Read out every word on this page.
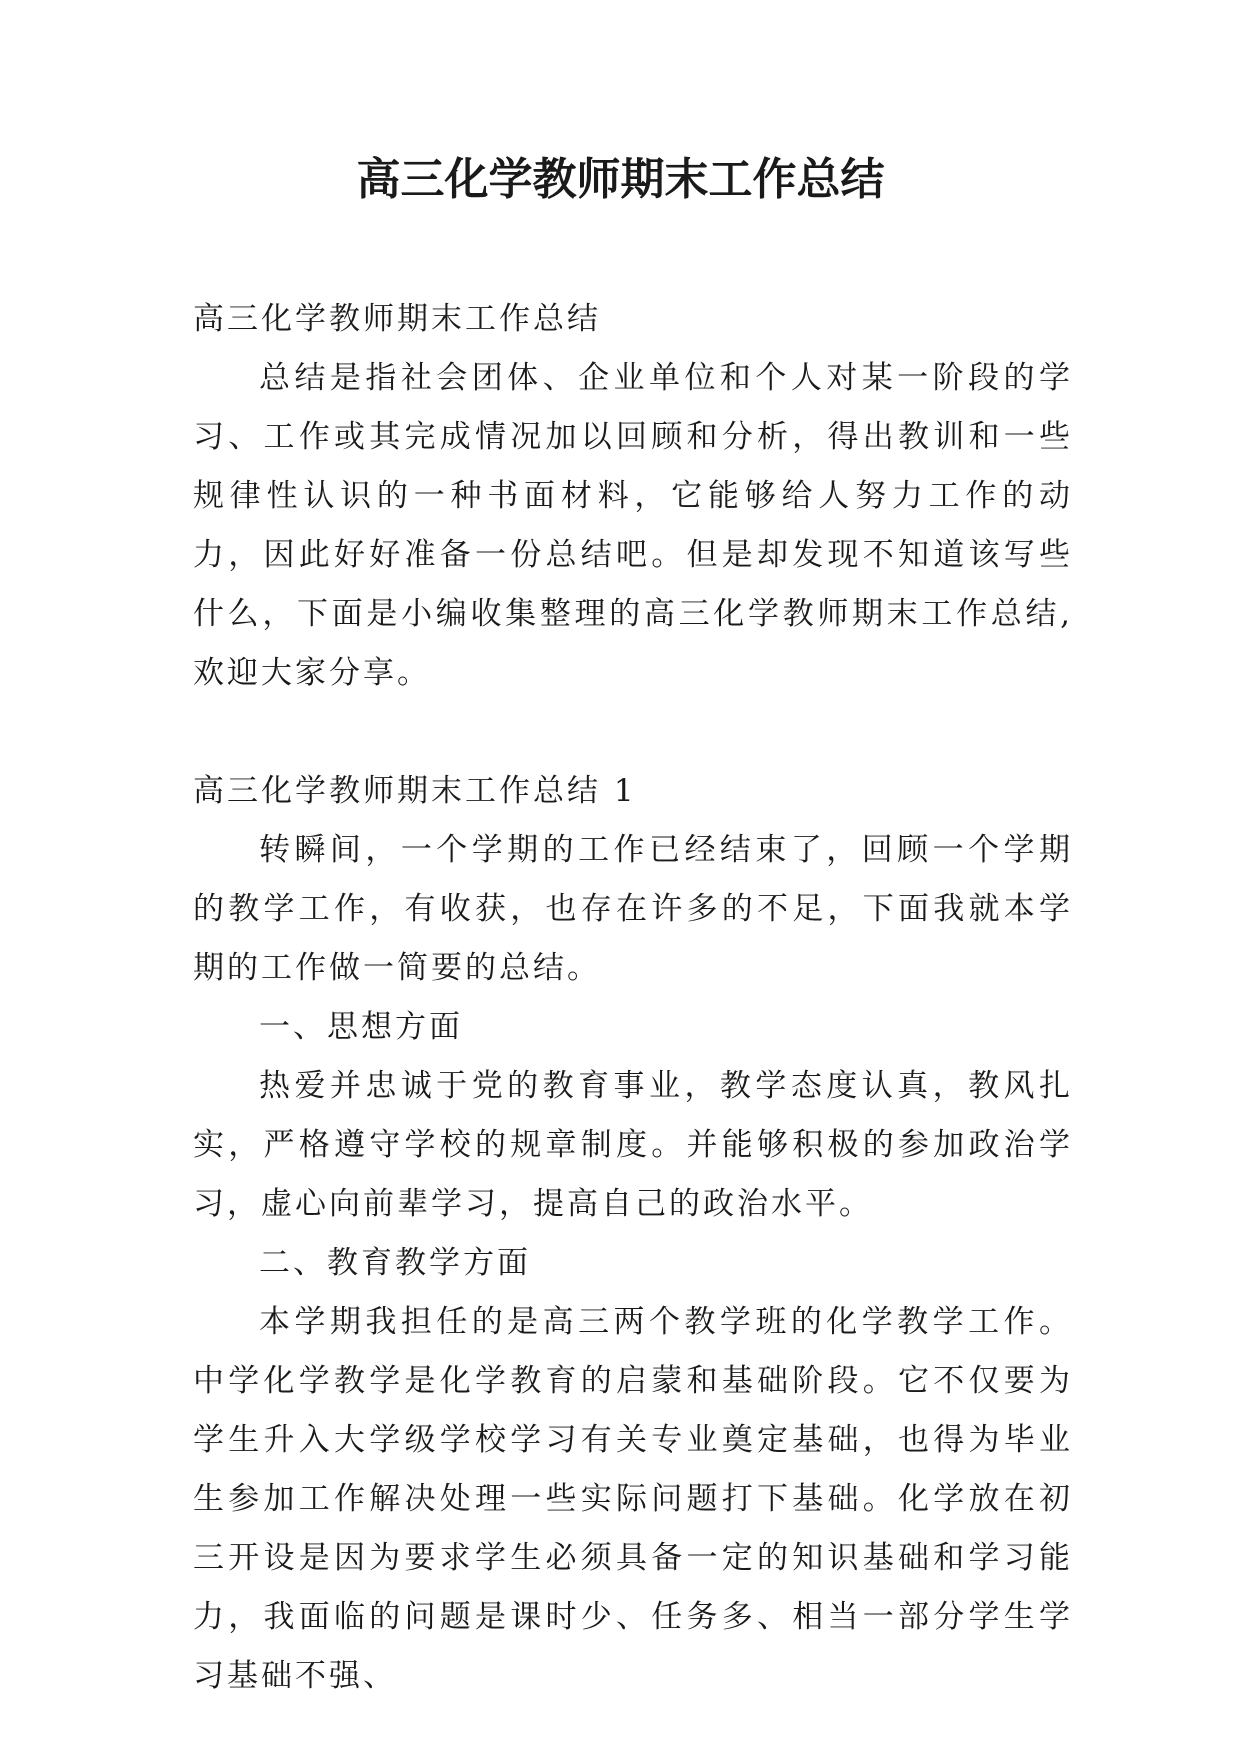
高三化学教师期末工作总结

高三化学教师期末工作总结

总结是指社会团体、企业单位和个人对某一阶段的学习、工作或其完成情况加以回顾和分析，得出教训和一些规律性认识的一种书面材料，它能够给人努力工作的动力，因此好好准备一份总结吧。但是却发现不知道该写些什么，下面是小编收集整理的高三化学教师期末工作总结,欢迎大家分享。

高三化学教师期末工作总结 1

转瞬间，一个学期的工作已经结束了，回顾一个学期的教学工作，有收获，也存在许多的不足，下面我就本学期的工作做一简要的总结。

一、思想方面

热爱并忠诚于党的教育事业，教学态度认真，教风扎实，严格遵守学校的规章制度。并能够积极的参加政治学习，虚心向前辈学习，提高自己的政治水平。

二、教育教学方面

本学期我担任的是高三两个教学班的化学教学工作。中学化学教学是化学教育的启蒙和基础阶段。它不仅要为学生升入大学级学校学习有关专业奠定基础，也得为毕业生参加工作解决处理一些实际问题打下基础。化学放在初三开设是因为要求学生必须具备一定的知识基础和学习能力，我面临的问题是课时少、任务多、相当一部分学生学习基础不强、
